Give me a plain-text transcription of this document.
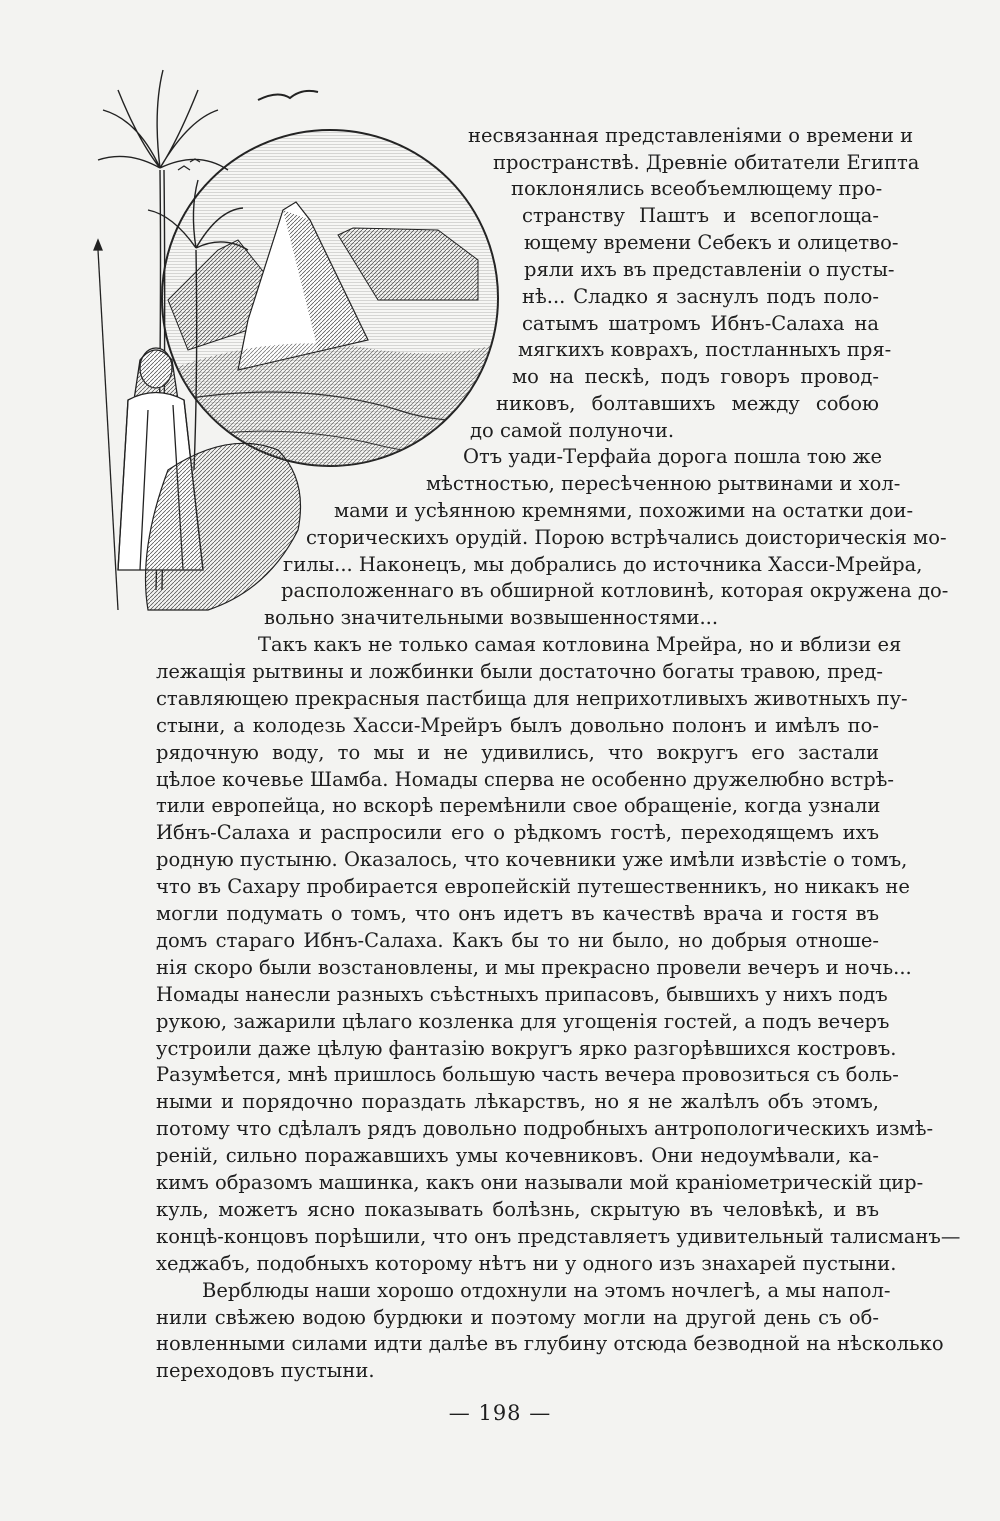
несвязанная представленіями о времени и
пространствѣ. Древніе обитатели Египта
поклонялись всеобъемлющему про-
странству Паштъ и всепоглоща-
ющему времени Себекъ и олицетво-
ряли ихъ въ представленіи о пусты-
нѣ... Сладко я заснулъ подъ поло-
сатымъ шатромъ Ибнъ-Салаха на
мягкихъ коврахъ, постланныхъ пря-
мо на пескѣ, подъ говоръ провод-
никовъ, болтавшихъ между собою
до самой полуночи.
Отъ уади-Терфайа дорога пошла тою же
мѣстностью, пересѣченною рытвинами и хол-
мами и усѣянною кремнями, похожими на остатки дои-
сторическихъ орудій. Порою встрѣчались доисторическія мо-
гилы... Наконецъ, мы добрались до источника Хасси-Мрейра,
расположеннаго въ обширной котловинѣ, которая окружена до-
вольно значительными возвышенностями...
Такъ какъ не только самая котловина Мрейра, но и вблизи ея
лежащія рытвины и ложбинки были достаточно богаты травою, пред-
ставляющею прекрасныя пастбища для неприхотливыхъ животныхъ пу-
стыни, а колодезь Хасси-Мрейръ былъ довольно полонъ и имѣлъ по-
рядочную воду, то мы и не удивились, что вокругъ его застали
цѣлое кочевье Шамба. Номады сперва не особенно дружелюбно встрѣ-
тили европейца, но вскорѣ перемѣнили свое обращеніе, когда узнали
Ибнъ-Салаха и распросили его о рѣдкомъ гостѣ, переходящемъ ихъ
родную пустыню. Оказалось, что кочевники уже имѣли извѣстіе о томъ,
что въ Сахару пробирается европейскій путешественникъ, но никакъ не
могли подумать о томъ, что онъ идетъ въ качествѣ врача и гостя въ
домъ стараго Ибнъ-Салаха. Какъ бы то ни было, но добрыя отноше-
нія скоро были возстановлены, и мы прекрасно провели вечеръ и ночь...
Номады нанесли разныхъ съѣстныхъ припасовъ, бывшихъ у нихъ подъ
рукою, зажарили цѣлаго козленка для угощенія гостей, а подъ вечеръ
устроили даже цѣлую фантазію вокругъ ярко разгорѣвшихся костровъ.
Разумѣется, мнѣ пришлось большую часть вечера провозиться съ боль-
ными и порядочно пораздать лѣкарствъ, но я не жалѣлъ объ этомъ,
потому что сдѣлалъ рядъ довольно подробныхъ антропологическихъ измѣ-
реній, сильно поражавшихъ умы кочевниковъ. Они недоумѣвали, ка-
кимъ образомъ машинка, какъ они называли мой краніометрическій цир-
куль, можетъ ясно показывать болѣзнь, скрытую въ человѣкѣ, и въ
концѣ-концовъ порѣшили, что онъ представляетъ удивительный талисманъ—
хеджабъ, подобныхъ которому нѣтъ ни у одного изъ знахарей пустыни.
Верблюды наши хорошо отдохнули на этомъ ночлегѣ, а мы напол-
нили свѣжею водою бурдюки и поэтому могли на другой день съ об-
новленными силами идти далѣе въ глубину отсюда безводной на нѣсколько
переходовъ пустыни.
— 198 —
